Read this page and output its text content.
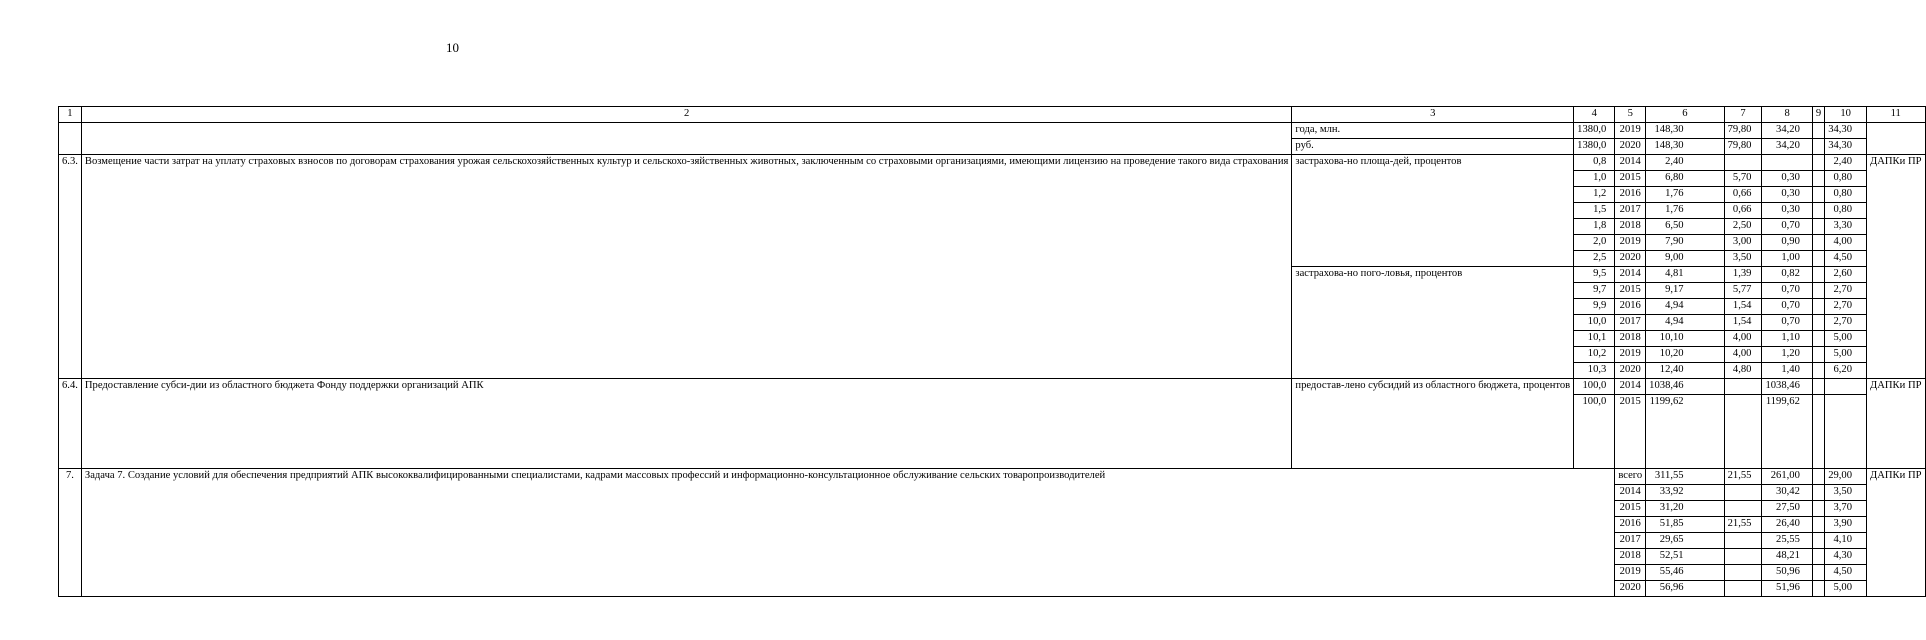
10
1	2	3	4	5	6	7	8	9	10	11
		года, млн.	1380,0	2019	148,30	79,80	34,20		34,30	
		руб.	1380,0	2020	148,30	79,80	34,20		34,30	
6.3.	Возмещение части затрат на уплату страховых взносов по договорам страхования урожая сельскохозяйственных культур и сельскохо-зяйственных животных, заключенным со страховыми организациями, имеющими лицензию на проведение такого вида страхования	застрахова-но площа-дей, процентов	0,8	2014	2,40				2,40	ДАПКи ПР
			1,0	2015	6,80	5,70	0,30		0,80	
			1,2	2016	1,76	0,66	0,30		0,80	
			1,5	2017	1,76	0,66	0,30		0,80	
			1,8	2018	6,50	2,50	0,70		3,30	
			2,0	2019	7,90	3,00	0,90		4,00	
			2,5	2020	9,00	3,50	1,00		4,50	
		застрахова-но пого-ловья, процентов	9,5	2014	4,81	1,39	0,82		2,60	
			9,7	2015	9,17	5,77	0,70		2,70	
			9,9	2016	4,94	1,54	0,70		2,70	
			10,0	2017	4,94	1,54	0,70		2,70	
			10,1	2018	10,10	4,00	1,10		5,00	
			10,2	2019	10,20	4,00	1,20		5,00	
			10,3	2020	12,40	4,80	1,40		6,20	
6.4.	Предоставление субси-дии из областного бюджета Фонду поддержки организаций АПК	предостав-лено субсидий из областного бюджета, процентов	100,0	2014	1038,46		1038,46			ДАПКи ПР
			100,0	2015	1199,62		1199,62			
7.	Задача 7. Создание условий для обеспечения предприятий АПК высококвалифицированными специалистами, кадрами массовых профессий и информационно-консультационное обслуживание сельских товаропроизводителей			всего	311,55	21,55	261,00		29,00	ДАПКи ПР
				2014	33,92		30,42		3,50	
				2015	31,20		27,50		3,70	
				2016	51,85	21,55	26,40		3,90	
				2017	29,65		25,55		4,10	
				2018	52,51		48,21		4,30	
				2019	55,46		50,96		4,50	
				2020	56,96		51,96		5,00	
